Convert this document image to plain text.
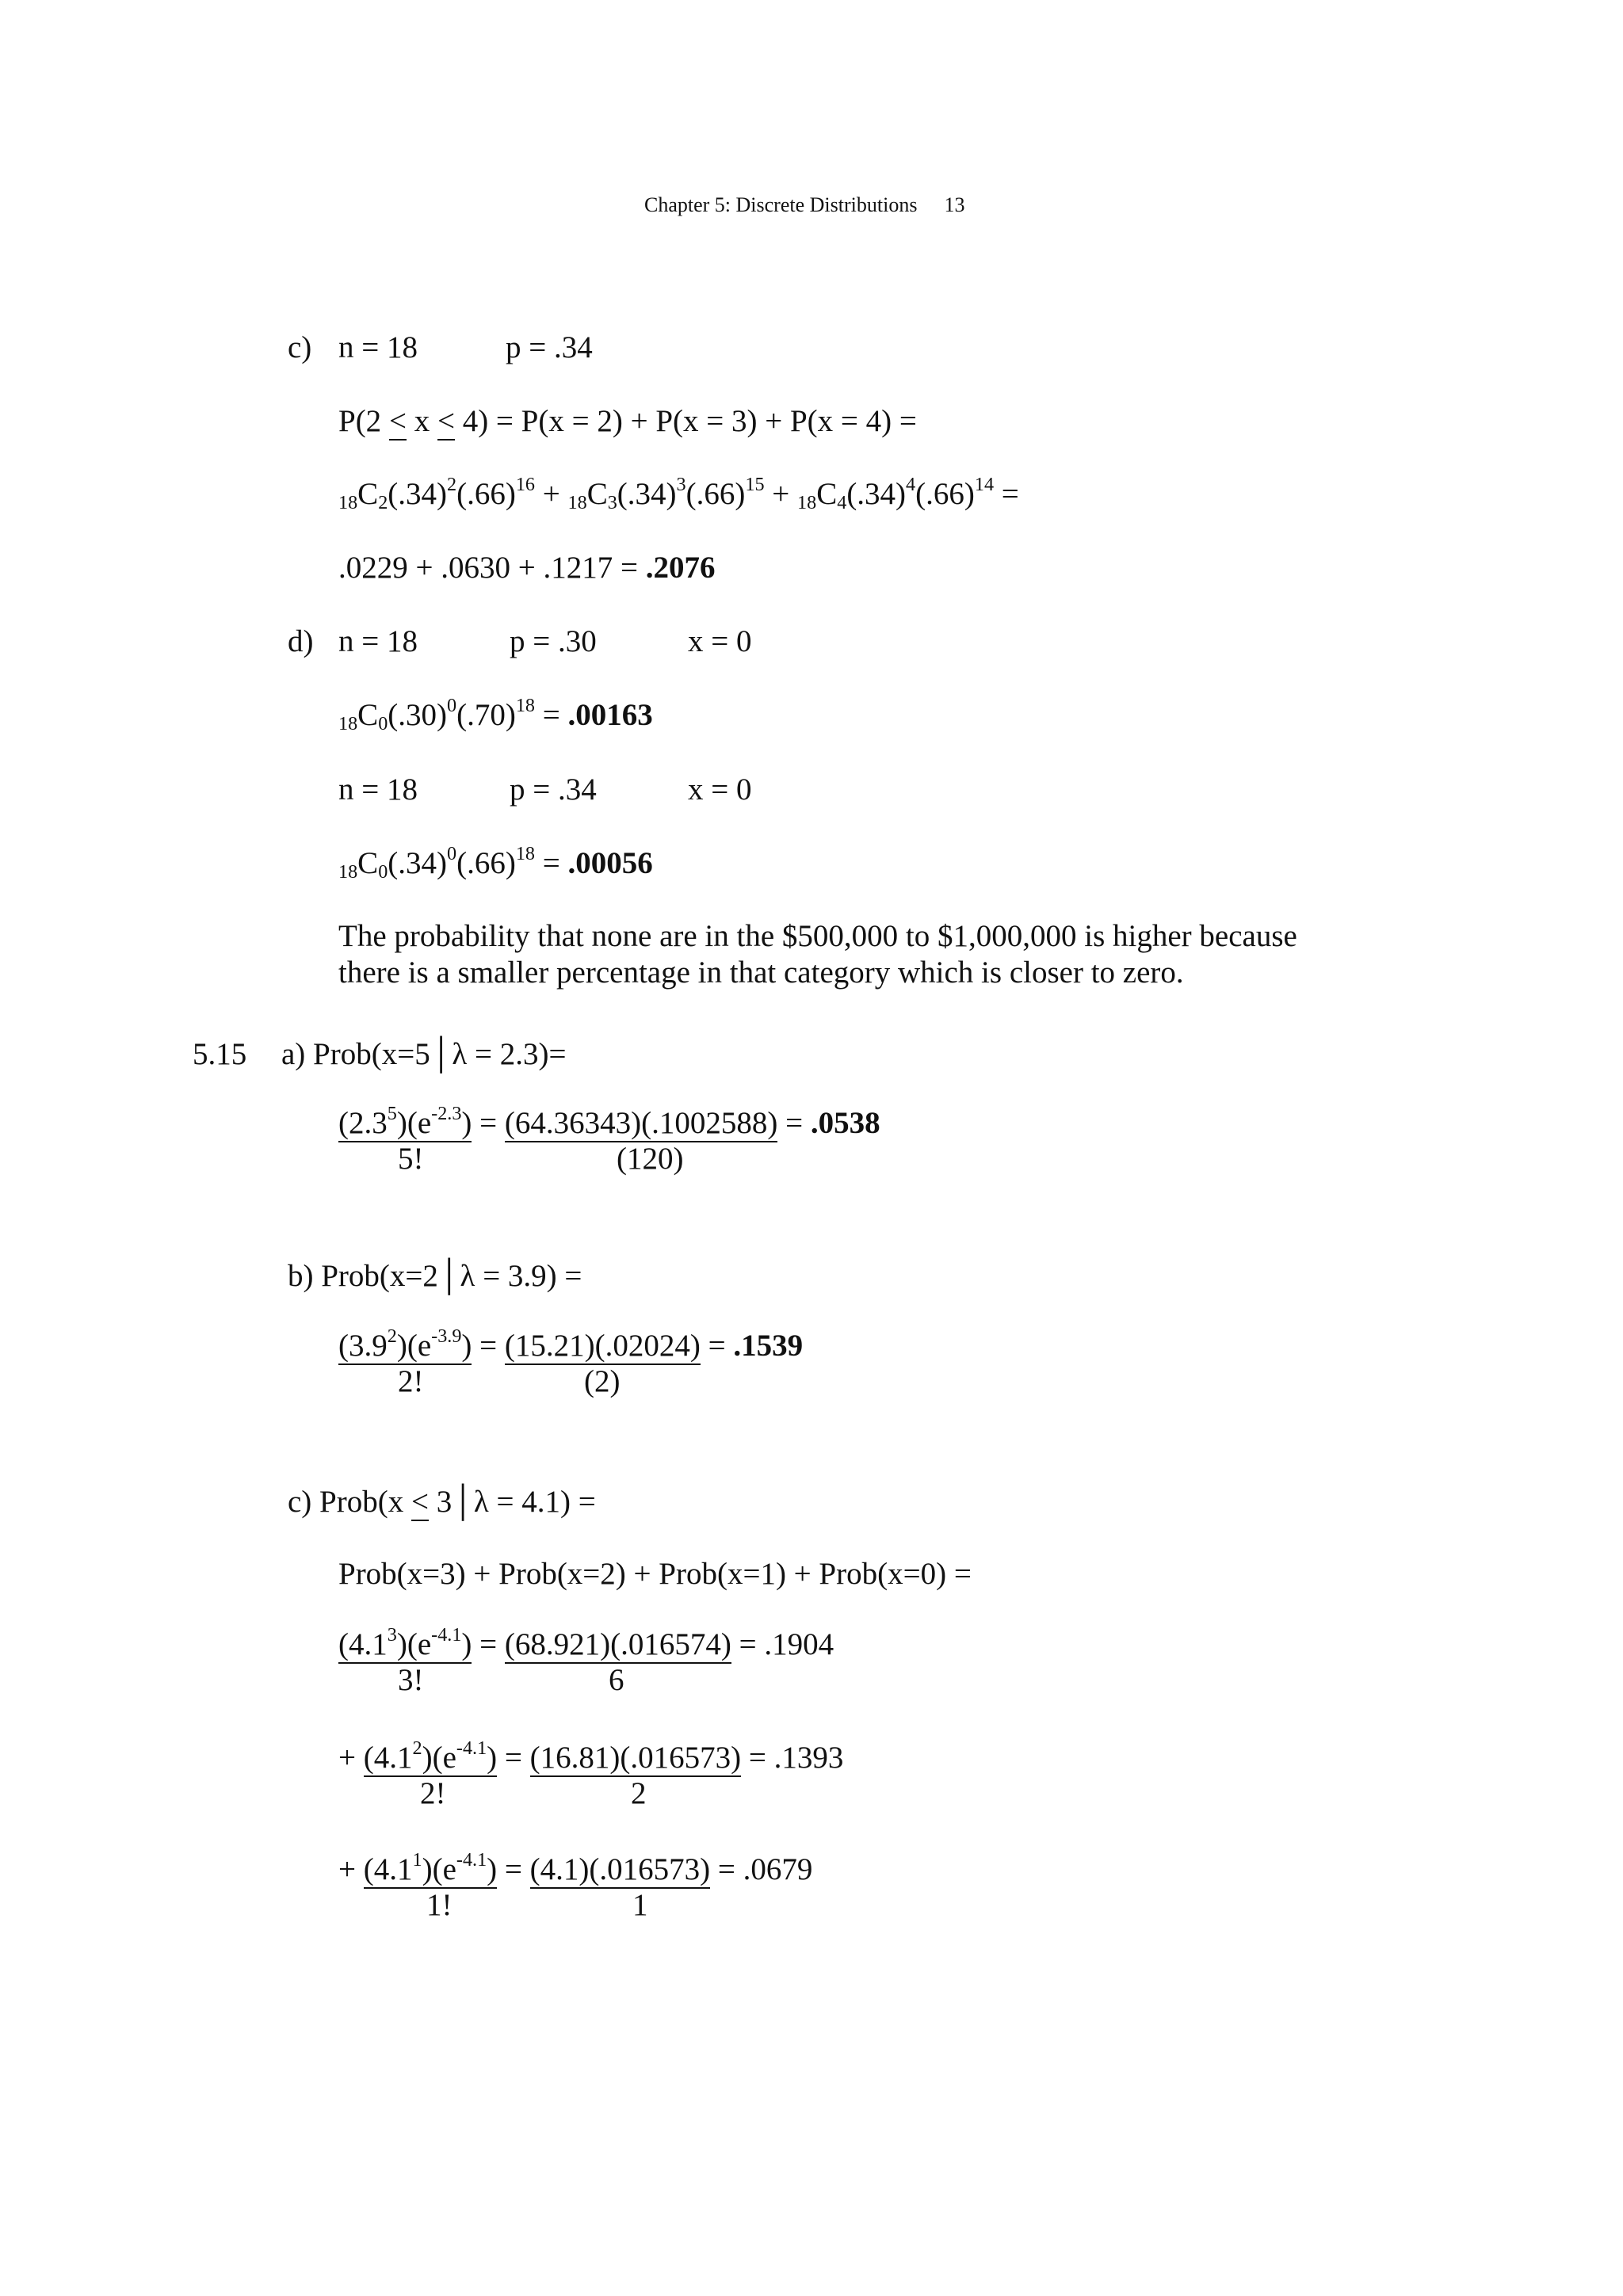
Chapter 5: Discrete Distributions 13
c) n = 18	p = .34
P(2 < x < 4) = P(x = 2) + P(x = 3) + P(x = 4) =
$18C_2(.34)^2(.66)^{16} + 18C_3(.34)^3(.66)^{15} + 18C_4(.34)^4(.66)^{14}$ =
.0229 + .0630 + .1217 = .2076
d) n = 18	p = .30	x = 0
$18C_0(.30)^0(.70)^{18} = .00163$
n = 18	p = .34	x = 0
$18C_0(.34)^0(.66)^{18} = .00056$
The probability that none are in the $500,000 to $1,000,000 is higher because
there is a smaller percentage in that category which is closer to zero.
5.15 a) Prob(x=5│λ = 2.3)=
$(2.3^5)(e^{-2.3}) = (64.36343)(.1002588) = .0538$
5!	(120)
b) Prob(x=2│λ = 3.9) =
$(3.9^2)(e^{-3.9}) = (15.21)(.02024) = .1539$
2!	(2)
c) Prob(x < 3│λ = 4.1) =
Prob(x=3) + Prob(x=2) + Prob(x=1) + Prob(x=0) =
$(4.1^3)(e^{-4.1}) = (68.921)(.016574) = .1904$
3!	6
+ $(4.1^2)(e^{-4.1}) = (16.81)(.016573) = .1393$
2!	2
+ $(4.1^1)(e^{-4.1}) = (4.1)(.016573) = .0679$
1!	1
